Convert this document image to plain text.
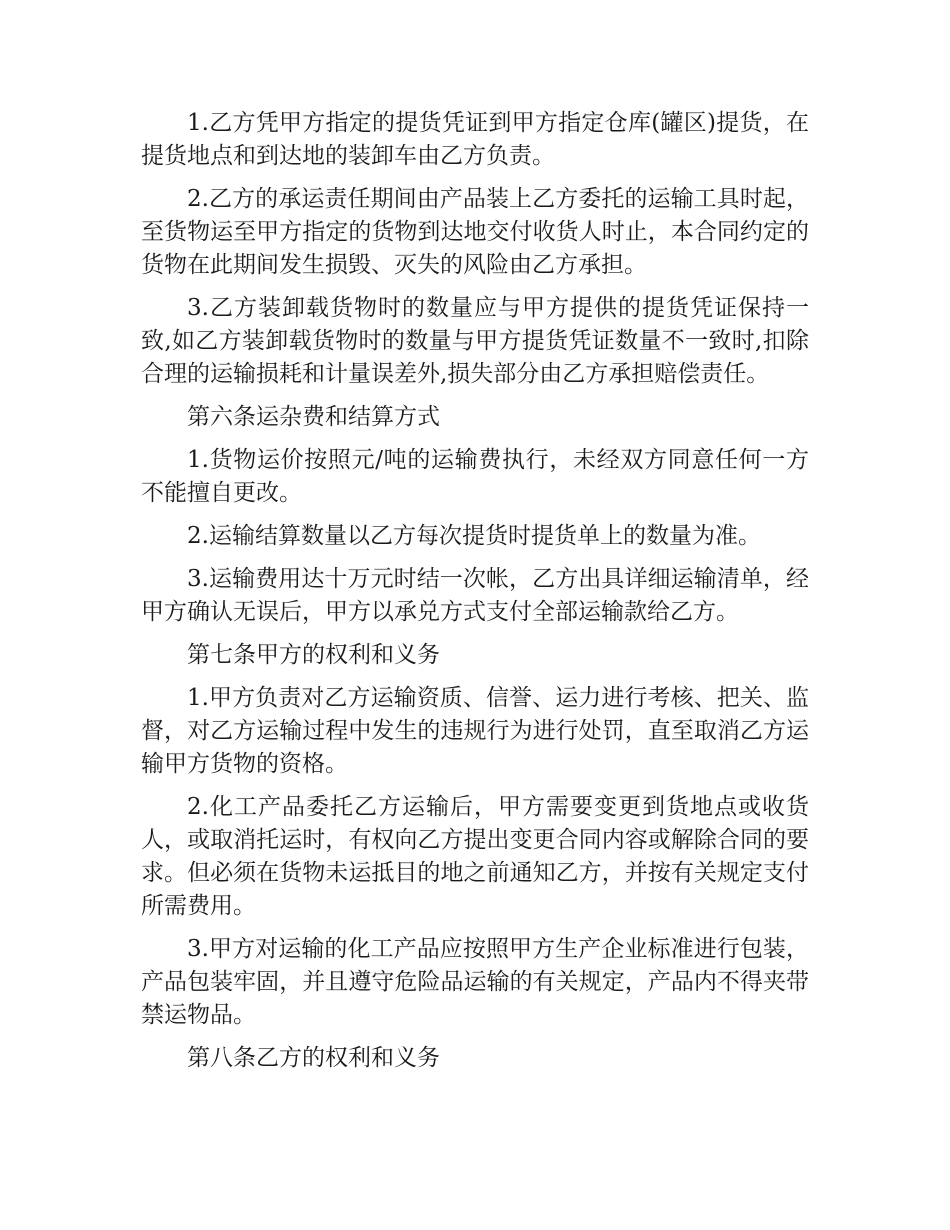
1.乙方凭甲方指定的提货凭证到甲方指定仓库(罐区)提货，在提货地点和到达地的装卸车由乙方负责。

2.乙方的承运责任期间由产品装上乙方委托的运输工具时起，至货物运至甲方指定的货物到达地交付收货人时止，本合同约定的货物在此期间发生损毁、灭失的风险由乙方承担。

3.乙方装卸载货物时的数量应与甲方提供的提货凭证保持一致,如乙方装卸载货物时的数量与甲方提货凭证数量不一致时,扣除合理的运输损耗和计量误差外,损失部分由乙方承担赔偿责任。

第六条运杂费和结算方式

1.货物运价按照元/吨的运输费执行，未经双方同意任何一方不能擅自更改。

2.运输结算数量以乙方每次提货时提货单上的数量为准。

3.运输费用达十万元时结一次帐，乙方出具详细运输清单，经甲方确认无误后，甲方以承兑方式支付全部运输款给乙方。

第七条甲方的权利和义务

1.甲方负责对乙方运输资质、信誉、运力进行考核、把关、监督，对乙方运输过程中发生的违规行为进行处罚，直至取消乙方运输甲方货物的资格。

2.化工产品委托乙方运输后，甲方需要变更到货地点或收货人，或取消托运时，有权向乙方提出变更合同内容或解除合同的要求。但必须在货物未运抵目的地之前通知乙方，并按有关规定支付所需费用。

3.甲方对运输的化工产品应按照甲方生产企业标准进行包装，产品包装牢固，并且遵守危险品运输的有关规定，产品内不得夹带禁运物品。

第八条乙方的权利和义务
